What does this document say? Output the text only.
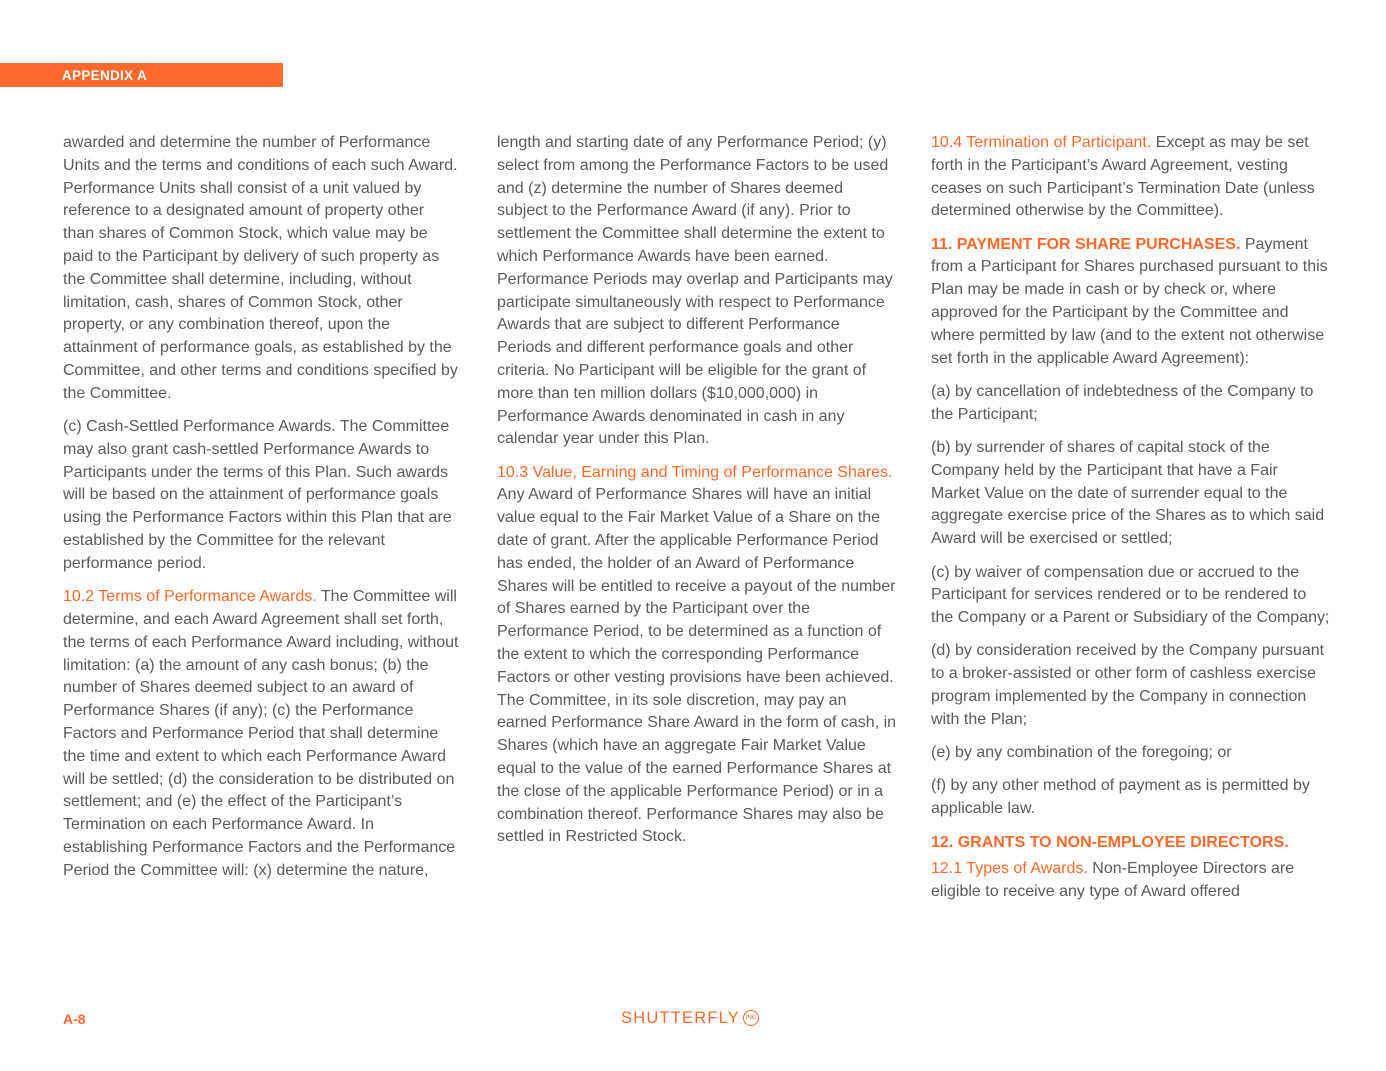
APPENDIX A

awarded and determine the number of Performance Units and the terms and conditions of each such Award. Performance Units shall consist of a unit valued by reference to a designated amount of property other than shares of Common Stock, which value may be paid to the Participant by delivery of such property as the Committee shall determine, including, without limitation, cash, shares of Common Stock, other property, or any combination thereof, upon the attainment of performance goals, as established by the Committee, and other terms and conditions specified by the Committee.

(c) Cash-Settled Performance Awards. The Committee may also grant cash-settled Performance Awards to Participants under the terms of this Plan. Such awards will be based on the attainment of performance goals using the Performance Factors within this Plan that are established by the Committee for the relevant performance period.

10.2 Terms of Performance Awards. The Committee will determine, and each Award Agreement shall set forth, the terms of each Performance Award including, without limitation: (a) the amount of any cash bonus; (b) the number of Shares deemed subject to an award of Performance Shares (if any); (c) the Performance Factors and Performance Period that shall determine the time and extent to which each Performance Award will be settled; (d) the consideration to be distributed on settlement; and (e) the effect of the Participant’s Termination on each Performance Award. In establishing Performance Factors and the Performance Period the Committee will: (x) determine the nature,

length and starting date of any Performance Period; (y) select from among the Performance Factors to be used and (z) determine the number of Shares deemed subject to the Performance Award (if any). Prior to settlement the Committee shall determine the extent to which Performance Awards have been earned. Performance Periods may overlap and Participants may participate simultaneously with respect to Performance Awards that are subject to different Performance Periods and different performance goals and other criteria. No Participant will be eligible for the grant of more than ten million dollars ($10,000,000) in Performance Awards denominated in cash in any calendar year under this Plan.

10.3 Value, Earning and Timing of Performance Shares. Any Award of Performance Shares will have an initial value equal to the Fair Market Value of a Share on the date of grant. After the applicable Performance Period has ended, the holder of an Award of Performance Shares will be entitled to receive a payout of the number of Shares earned by the Participant over the Performance Period, to be determined as a function of the extent to which the corresponding Performance Factors or other vesting provisions have been achieved. The Committee, in its sole discretion, may pay an earned Performance Share Award in the form of cash, in Shares (which have an aggregate Fair Market Value equal to the value of the earned Performance Shares at the close of the applicable Performance Period) or in a combination thereof. Performance Shares may also be settled in Restricted Stock.

10.4 Termination of Participant. Except as may be set forth in the Participant’s Award Agreement, vesting ceases on such Participant’s Termination Date (unless determined otherwise by the Committee).

11. PAYMENT FOR SHARE PURCHASES. Payment from a Participant for Shares purchased pursuant to this Plan may be made in cash or by check or, where approved for the Participant by the Committee and where permitted by law (and to the extent not otherwise set forth in the applicable Award Agreement):

(a) by cancellation of indebtedness of the Company to the Participant;

(b) by surrender of shares of capital stock of the Company held by the Participant that have a Fair Market Value on the date of surrender equal to the aggregate exercise price of the Shares as to which said Award will be exercised or settled;

(c) by waiver of compensation due or accrued to the Participant for services rendered or to be rendered to the Company or a Parent or Subsidiary of the Company;

(d) by consideration received by the Company pursuant to a broker-assisted or other form of cashless exercise program implemented by the Company in connection with the Plan;

(e) by any combination of the foregoing; or

(f) by any other method of payment as is permitted by applicable law.

12. GRANTS TO NON-EMPLOYEE DIRECTORS.

12.1 Types of Awards. Non-Employee Directors are eligible to receive any type of Award offered

A-8	SHUTTERFLY INC
